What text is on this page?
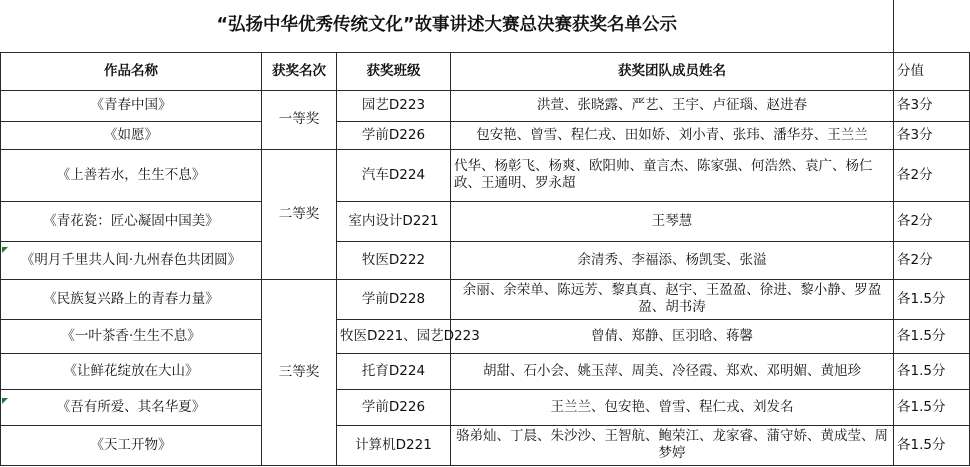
“弘扬中华优秀传统文化”故事讲述大赛总决赛获奖名单公示				
作品名称	获奖名次	获奖班级	获奖团队成员姓名	分值
《青春中国》	一等奖	园艺D223	洪萱、张晓露、严艺、王宇、卢征瑙、赵进春	各3分
《如愿》		学前D226	包安艳、曾雪、程仁戎、田如娇、刘小青、张玮、潘华芬、王兰兰	各3分
《上善若水，生生不息》	二等奖	汽车D224	代华、杨彰飞、杨爽、欧阳帅、童言杰、陈家强、何浩然、袁广、杨仁政、王通明、罗永超	各2分
《青花瓷：匠心凝固中国美》		室内设计D221	王琴慧	各2分
《明月千里共人间·九州春色共团圆》		牧医D222	余清秀、李福添、杨凯雯、张溢	各2分
《民族复兴路上的青春力量》	三等奖	学前D228	余丽、余荣单、陈远芳、黎真真、赵宇、王盈盈、徐进、黎小静、罗盈盈、胡书涛	各1.5分
《一叶茶香·生生不息》		牧医D221、园艺D223	曾倩、郑静、匡羽晗、蒋馨	各1.5分
《让鲜花绽放在大山》		托育D224	胡甜、石小会、姚玉萍、周美、冷径霞、郑欢、邓明媚、黄旭珍	各1.5分
《吾有所爱、其名华夏》		学前D226	王兰兰、包安艳、曾雪、程仁戎、刘发名	各1.5分
《天工开物》		计算机D221	骆弟灿、丁晨、朱沙沙、王智航、鲍荣江、龙家睿、蒲守娇、黄成莹、周梦婷	各1.5分
